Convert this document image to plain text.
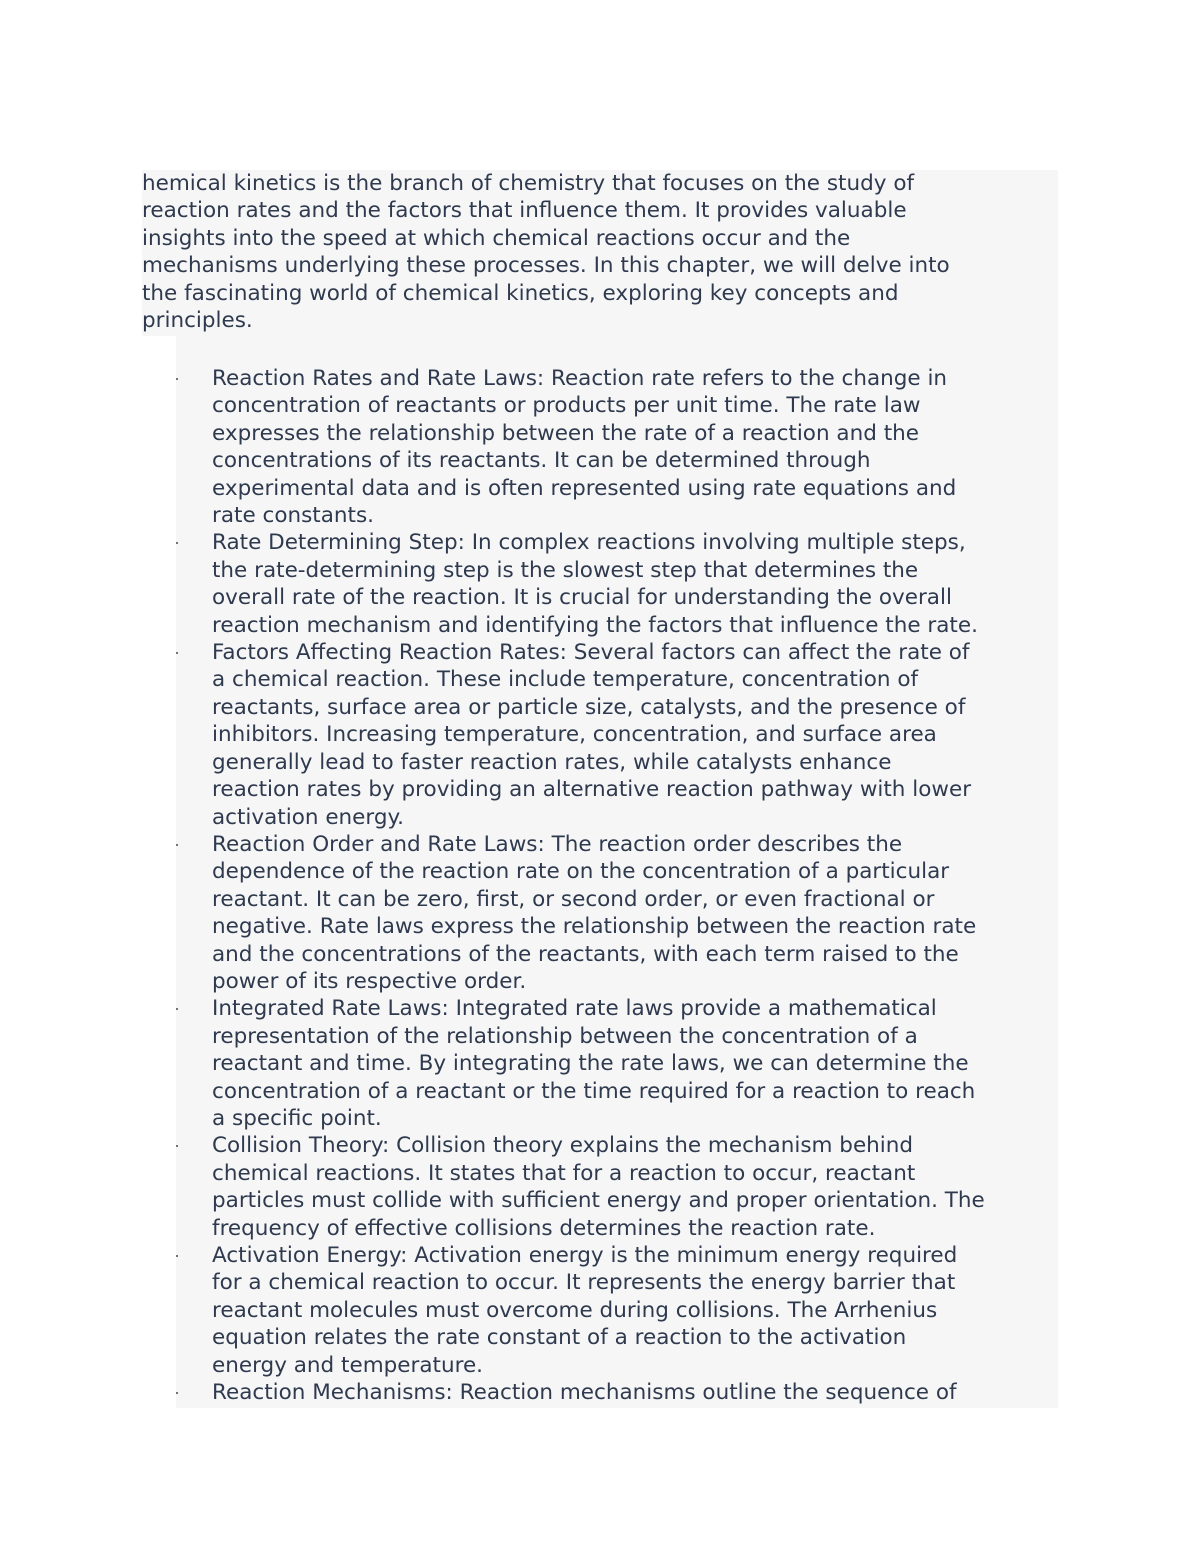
hemical kinetics is the branch of chemistry that focuses on the study of
reaction rates and the factors that influence them. It provides valuable
insights into the speed at which chemical reactions occur and the
mechanisms underlying these processes. In this chapter, we will delve into
the fascinating world of chemical kinetics, exploring key concepts and
principles.

Reaction Rates and Rate Laws: Reaction rate refers to the change in
concentration of reactants or products per unit time. The rate law
expresses the relationship between the rate of a reaction and the
concentrations of its reactants. It can be determined through
experimental data and is often represented using rate equations and
rate constants.
Rate Determining Step: In complex reactions involving multiple steps,
the rate-determining step is the slowest step that determines the
overall rate of the reaction. It is crucial for understanding the overall
reaction mechanism and identifying the factors that influence the rate.
Factors Affecting Reaction Rates: Several factors can affect the rate of
a chemical reaction. These include temperature, concentration of
reactants, surface area or particle size, catalysts, and the presence of
inhibitors. Increasing temperature, concentration, and surface area
generally lead to faster reaction rates, while catalysts enhance
reaction rates by providing an alternative reaction pathway with lower
activation energy.
Reaction Order and Rate Laws: The reaction order describes the
dependence of the reaction rate on the concentration of a particular
reactant. It can be zero, first, or second order, or even fractional or
negative. Rate laws express the relationship between the reaction rate
and the concentrations of the reactants, with each term raised to the
power of its respective order.
Integrated Rate Laws: Integrated rate laws provide a mathematical
representation of the relationship between the concentration of a
reactant and time. By integrating the rate laws, we can determine the
concentration of a reactant or the time required for a reaction to reach
a specific point.
Collision Theory: Collision theory explains the mechanism behind
chemical reactions. It states that for a reaction to occur, reactant
particles must collide with sufficient energy and proper orientation. The
frequency of effective collisions determines the reaction rate.
Activation Energy: Activation energy is the minimum energy required
for a chemical reaction to occur. It represents the energy barrier that
reactant molecules must overcome during collisions. The Arrhenius
equation relates the rate constant of a reaction to the activation
energy and temperature.
Reaction Mechanisms: Reaction mechanisms outline the sequence of
